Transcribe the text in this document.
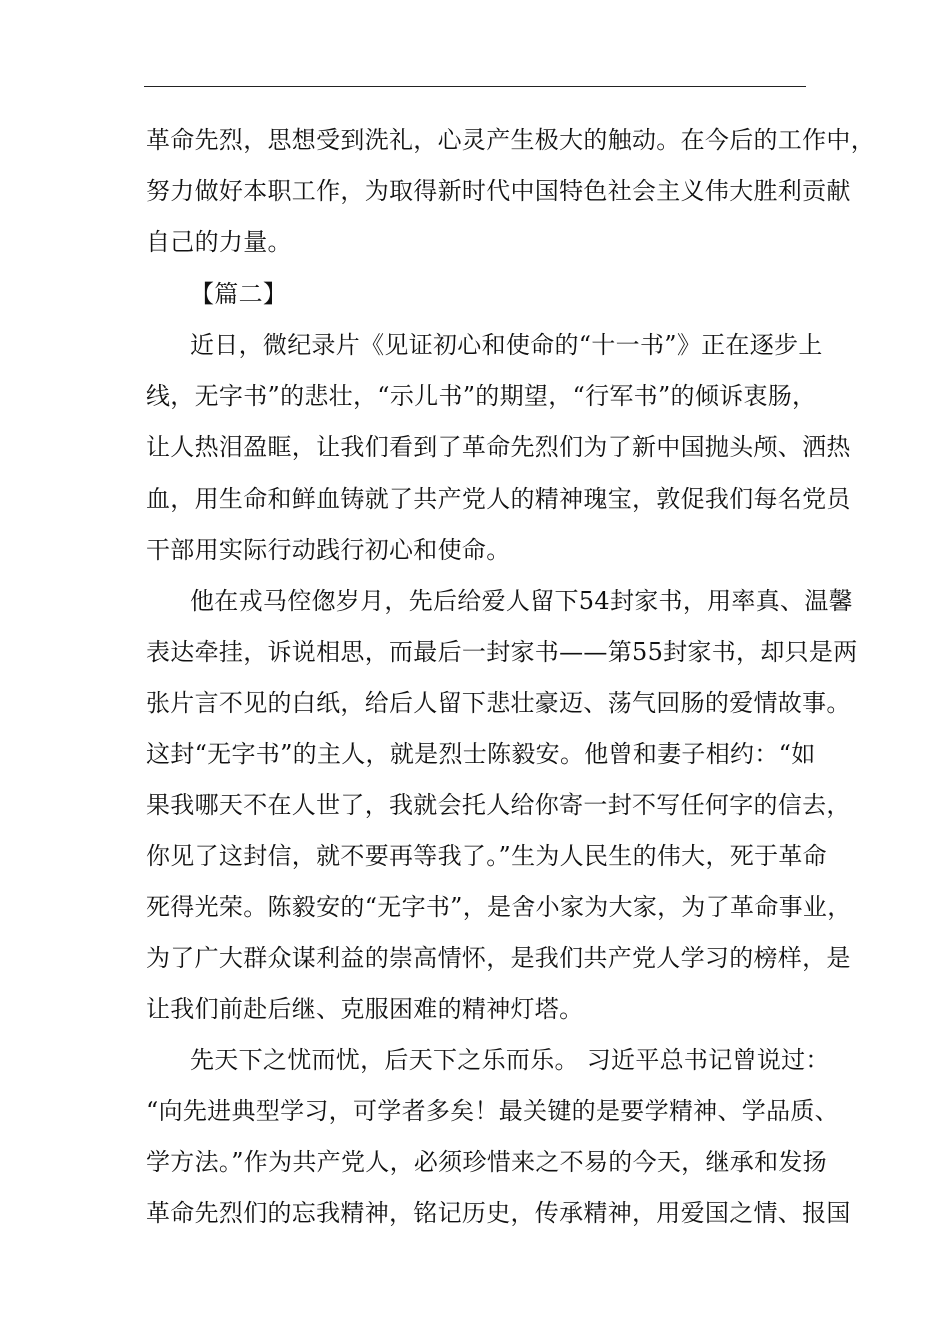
革命先烈，思想受到洗礼，心灵产生极大的触动。在今后的工作中，
努力做好本职工作，为取得新时代中国特色社会主义伟大胜利贡献
自己的力量。
【篇二】
近日，微纪录片《见证初心和使命的“十一书”》正在逐步上
线，无字书”的悲壮，“示儿书”的期望，“行军书”的倾诉衷肠，
让人热泪盈眶，让我们看到了革命先烈们为了新中国抛头颅、洒热
血，用生命和鲜血铸就了共产党人的精神瑰宝，敦促我们每名党员
干部用实际行动践行初心和使命。
他在戎马倥偬岁月，先后给爱人留下54封家书，用率真、温馨
表达牵挂，诉说相思，而最后一封家书——第55封家书，却只是两
张片言不见的白纸，给后人留下悲壮豪迈、荡气回肠的爱情故事。
这封“无字书”的主人，就是烈士陈毅安。他曾和妻子相约：“如
果我哪天不在人世了，我就会托人给你寄一封不写任何字的信去，
你见了这封信，就不要再等我了。”生为人民生的伟大，死于革命
死得光荣。陈毅安的“无字书”，是舍小家为大家，为了革命事业，
为了广大群众谋利益的崇高情怀，是我们共产党人学习的榜样，是
让我们前赴后继、克服困难的精神灯塔。
先天下之忧而忧，后天下之乐而乐。 习近平总书记曾说过：
“向先进典型学习，可学者多矣！最关键的是要学精神、学品质、
学方法。”作为共产党人，必须珍惜来之不易的今天，继承和发扬
革命先烈们的忘我精神，铭记历史，传承精神，用爱国之情、报国
